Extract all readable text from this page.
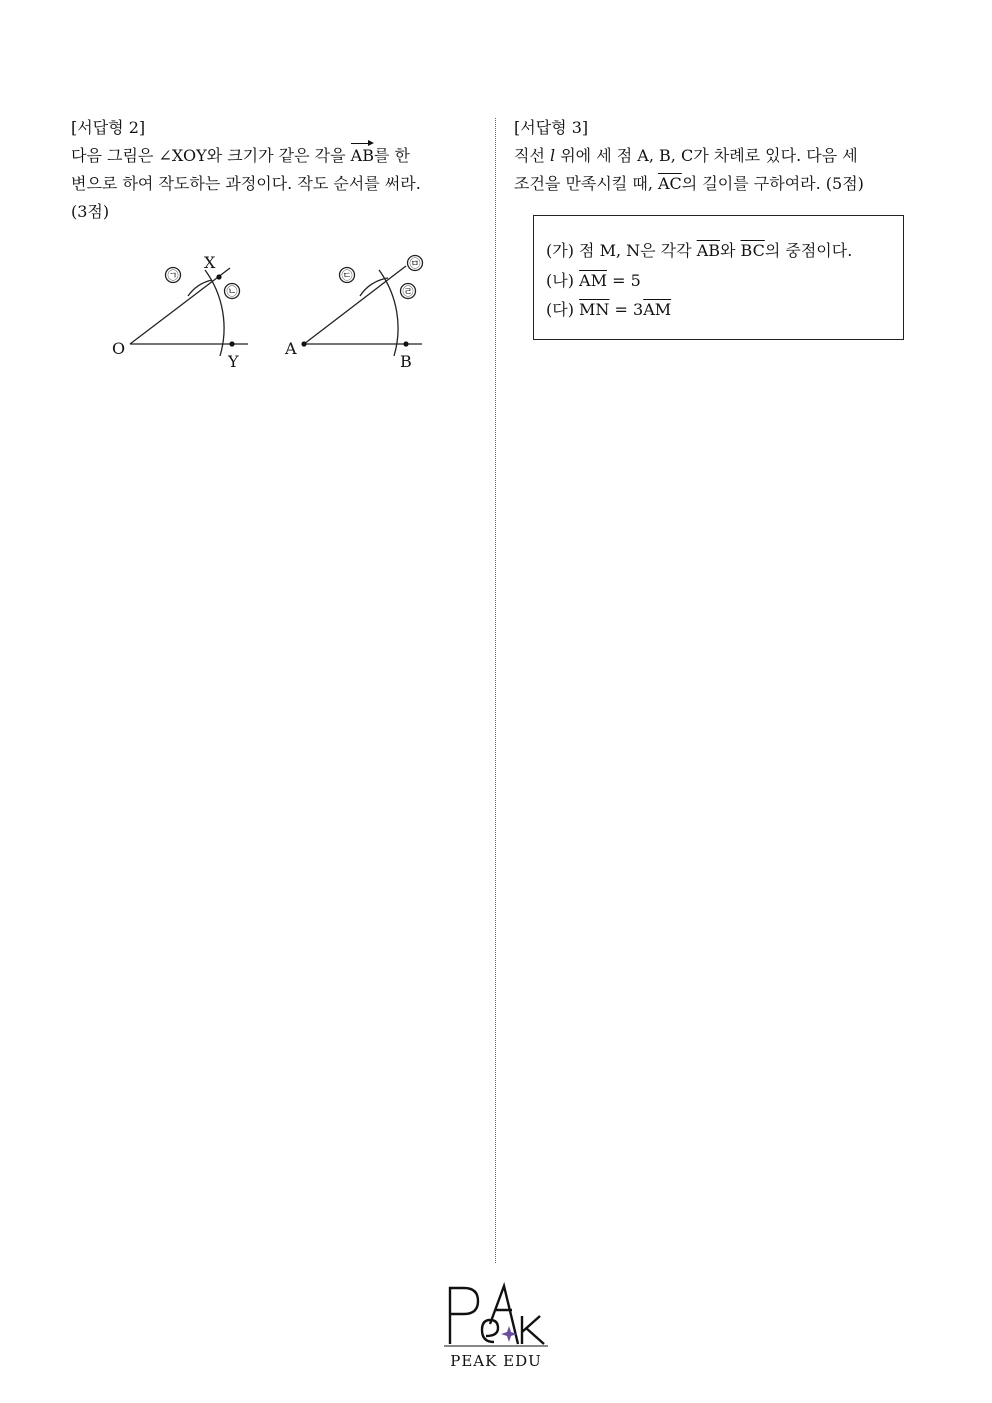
[서답형 2]
다음 그림은 ∠XOY와 크기가 같은 각을 AB를 한
변으로 하여 작도하는 과정이다. 작도 순서를 써라.
(3점)
O
X
Y
A
B
㉠
㉡
㉢
㉣
㉤
[서답형 3]
직선 l 위에 세 점 A, B, C가 차례로 있다. 다음 세
조건을 만족시킬 때, $\overline{AC}$의 길이를 구하여라. (5점)
(가) 점 M, N은 각각 $\overline{AB}$와 $\overline{BC}$의 중점이다.
(나) $\overline{AM} = 5$
(다) $\overline{MN} = 3\overline{AM}$
PEAK EDU
